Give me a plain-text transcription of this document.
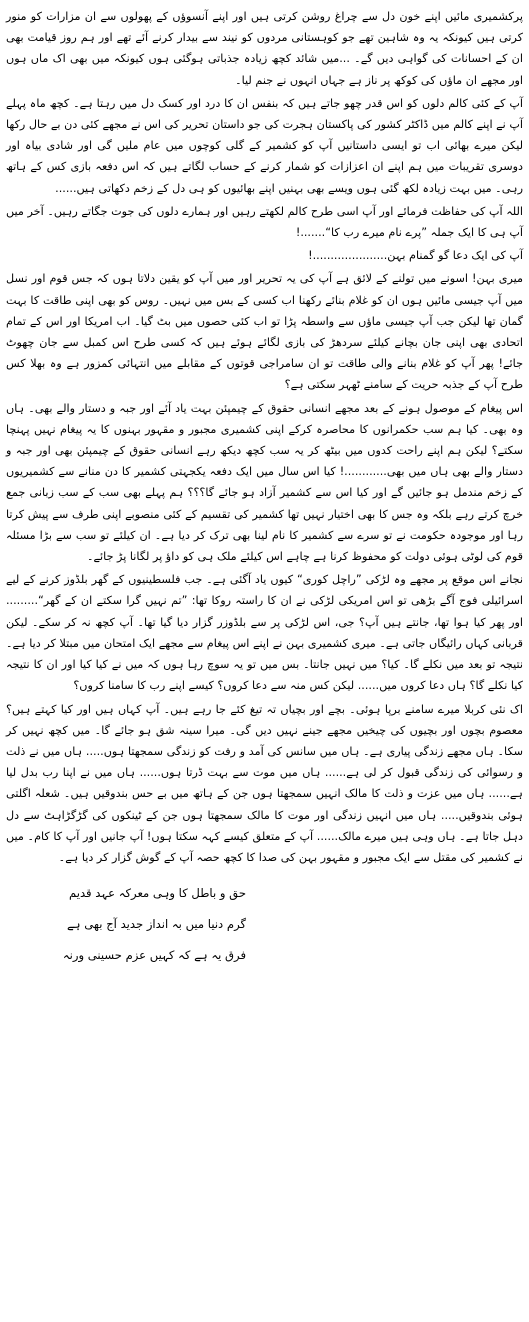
پرکشمیری مائیں اپنے خون دل سے چراغ روشن کرتی ہیں اور اپنے آنسوؤں کے پھولوں سے ان مزارات کو منور کرتی ہیں کیونکہ یہ وہ شاہین تھے جو کوہستانی مردوں کو نیند سے بیدار کرنے آئے تھے اور ہم روز قیامت بھی ان کے احسانات کی گواہی دیں گے۔ ...میں شائد کچھ زیادہ جذباتی ہوگئی ہوں کیونکہ میں بھی اک ماں ہوں اور مجھے ان ماؤں کی کوکھ پر ناز ہے جہاں انہوں نے جنم لیا۔

آپ کے کئی کالم دلوں کو اس قدر چھو جاتے ہیں کہ بنفس ان کا درد اور کسک دل میں رہتا ہے۔ کچھ ماہ پہلے آپ نے اپنے کالم میں ڈاکٹر کشور کی پاکستان ہجرت کی جو داستان تحریر کی اس نے مجھے کئی دن بے حال رکھا لیکن میرے بھائی اب تو ایسی داستانیں آپ کو کشمیر کے گلی کوچوں میں عام ملیں گی اور شادی بیاہ اور دوسری تقریبات میں ہم اپنے ان اعزازات کو شمار کرنے کے حساب لگاتے ہیں کہ اس دفعہ بازی کس کے ہاتھ رہی۔ میں بہت زیادہ لکھ گئی ہوں ویسے بھی بہنیں اپنے بھائیوں کو ہی دل کے زخم دکھاتی ہیں......

اللہ آپ کی حفاظت فرمائے اور آپ اسی طرح کالم لکھتے رہیں اور ہمارے دلوں کی جوت جگاتے رہیں۔ آخر میں آپ ہی کا ایک جملہ ”پرے نام میرے رب کا“.......!

آپ کی ایک دعا گو گمنام بہن.....................!

میری بہن! اسونے میں تولنے کے لائق ہے آپ کی یہ تحریر اور میں آپ کو یقین دلاتا ہوں کہ جس قوم اور نسل میں آپ جیسی مائیں ہوں ان کو غلام بنائے رکھنا اب کسی کے بس میں نہیں۔ روس کو بھی اپنی طاقت کا بہت گمان تھا لیکن جب آپ جیسی ماؤں سے واسطہ پڑا تو اب کئی حصوں میں بٹ گیا۔ اب امریکا اور اس کے تمام اتحادی بھی اپنی جان بچانے کیلئے سردھڑ کی بازی لگائے ہوئے ہیں کہ کسی طرح اس کمبل سے جان چھوٹ جائے! پھر آپ کو غلام بنانے والی طاقت تو ان سامراجی قوتوں کے مقابلے میں انتہائی کمزور ہے وہ بھلا کس طرح آپ کے جذبہ حریت کے سامنے ٹھہر سکتی ہے؟

اس پیغام کے موصول ہونے کے بعد مجھے انسانی حقوق کے چیمپئن بہت یاد آئے اور جبہ و دستار والے بھی۔ ہاں وہ بھی۔ کیا ہم سب حکمرانوں کا محاصرہ کرکے اپنی کشمیری مجبور و مقہور بہنوں کا یہ پیغام نہیں پہنچا سکتے؟ لیکن ہم اپنے راحت کدوں میں بیٹھ کر یہ سب کچھ دیکھ رہے انسانی حقوق کے چیمپئن بھی اور جبہ و دستار والے بھی ہاں میں بھی............! کیا اس سال میں ایک دفعہ یکجہتی کشمیر کا دن منانے سے کشمیریوں کے زخم مندمل ہو جائیں گے اور کیا اس سے کشمیر آزاد ہو جائے گا؟؟؟ ہم پہلے بھی سب کے سب زبانی جمع خرچ کرتے رہے بلکہ وہ جس کا بھی اختیار نہیں تھا کشمیر کی تقسیم کے کئی منصوبے اپنی طرف سے پیش کرتا رہا اور موجودہ حکومت نے تو سرے سے کشمیر کا نام لینا بھی ترک کر دیا ہے۔ ان کیلئے تو سب سے بڑا مسئلہ قوم کی لوٹی ہوئی دولت کو محفوظ کرنا ہے چاہے اس کیلئے ملک ہی کو داؤ پر لگانا پڑ جائے۔

نجانے اس موقع پر مجھے وہ لڑکی ”راچل کوری“ کیوں یاد آگئی ہے۔ جب فلسطینیوں کے گھر بلڈوز کرنے کے لیے اسرائیلی فوج آگے بڑھی تو اس امریکی لڑکی نے ان کا راستہ روکا تھا: ”تم نہیں گرا سکتے ان کے گھر“......... اور پھر کیا ہوا تھا، جانتے ہیں آپ؟ جی، اس لڑکی پر سے بلڈوزر گزار دیا گیا تھا۔ آپ کچھ نہ کر سکے۔ لیکن قربانی کہاں رائیگاں جاتی ہے۔ میری کشمیری بہن نے اپنے اس پیغام سے مجھے ایک امتحان میں مبتلا کر دیا ہے۔ نتیجہ تو بعد میں نکلے گا۔ کیا؟ میں نہیں جانتا۔ بس میں تو یہ سوچ رہا ہوں کہ میں نے کیا کیا اور ان کا نتیجہ کیا نکلے گا؟ ہاں دعا کروں میں...... لیکن کس منہ سے دعا کروں؟ کیسے اپنے رب کا سامنا کروں؟

اک نئی کربلا میرے سامنے برپا ہوئی۔ بچے اور بچیاں تہ تیغ کئے جا رہے ہیں۔ آپ کہاں ہیں اور کیا کہتے ہیں؟ معصوم بچوں اور بچیوں کی چیخیں مجھے جینے نہیں دیں گی۔ میرا سینہ شق ہو جائے گا۔ میں کچھ نہیں کر سکا۔ ہاں مجھے زندگی پیاری ہے۔ ہاں میں سانس کی آمد و رفت کو زندگی سمجھتا ہوں..... ہاں میں نے ذلت و رسوائی کی زندگی قبول کر لی ہے...... ہاں میں موت سے بہت ڈرتا ہوں...... ہاں میں نے اپنا رب بدل لیا ہے...... ہاں میں عزت و ذلت کا مالک انہیں سمجھتا ہوں جن کے ہاتھ میں بے حس بندوقیں ہیں۔ شعلہ اگلتی ہوئی بندوقیں..... ہاں میں انہیں زندگی اور موت کا مالک سمجھتا ہوں جن کے ٹینکوں کی گڑگڑاہٹ سے دل دہل جاتا ہے۔ ہاں وہی ہیں میرے مالک...... آپ کے متعلق کیسے کہہ سکتا ہوں! آپ جانیں اور آپ کا کام۔ میں نے کشمیر کی مقتل سے ایک مجبور و مقہور بہن کی صدا کا کچھ حصہ آپ کے گوش گزار کر دیا ہے۔

حق و باطل کا وہی معرکہ عہد قدیم
گرم دنیا میں بہ انداز جدید آج بھی ہے
فرق یہ ہے کہ کہیں عزم حسینی ورنہ
